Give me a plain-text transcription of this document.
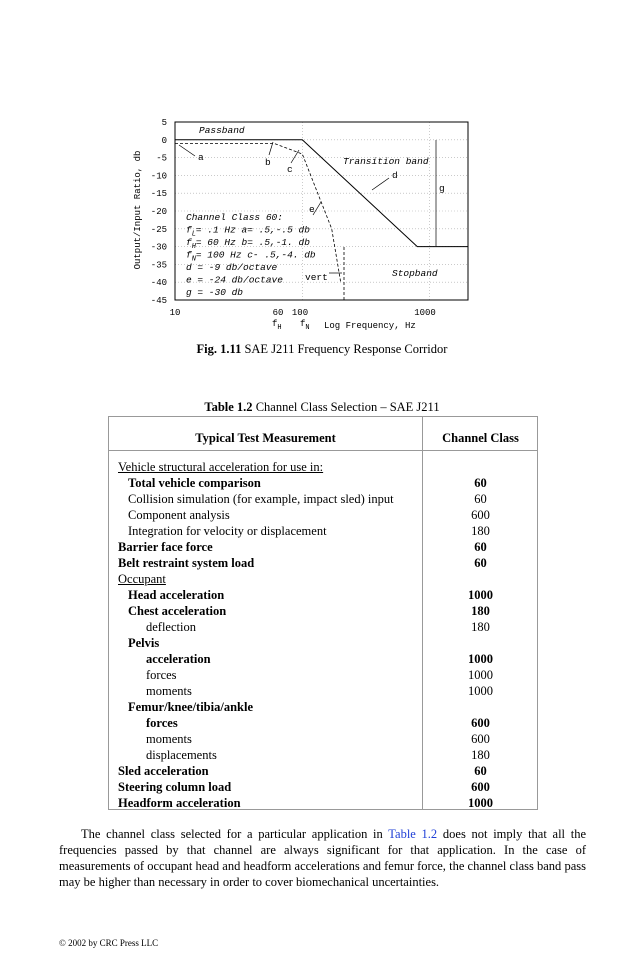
5
0
-5
-10
-15
-20
-25
-30
-35
-40
-45
Output/Input Ratio, db
10	60 100	1000
$f_H$ $f_N$ Log Frequency, Hz
Passband
a	b
c
Transition band
d
g
e
Stopband
vert
Channel Class 60:
$f_L= .1$ Hz a= .5,-.5 db
$f_H= 60$ Hz b= .5,-1. db
$f_N= 100$ Hz c- .5,-4. db
d = -9 db/octave
e = -24 db/octave
g = -30 db
Fig. 1.11 SAE J211 Frequency Response Corridor
Table 1.2 Channel Class Selection – SAE J211
Typical Test Measurement	Channel Class
Vehicle structural acceleration for use in:
Total vehicle comparison	60
Collision simulation (for example, impact sled) input	60
Component analysis	600
Integration for velocity or displacement	180
Barrier face force	60
Belt restraint system load	60
Occupant
Head acceleration	1000
Chest acceleration	180
deflection	180
Pelvis
acceleration	1000
forces	1000
moments	1000
Femur/knee/tibia/ankle
forces	600
moments	600
displacements	180
Sled acceleration	60
Steering column load	600
Headform acceleration	1000

The channel class selected for a particular application in Table 1.2 does not imply that all the frequencies passed by that channel are always significant for that application. In the case of measurements of occupant head and headform accelerations and femur force, the channel class band pass may be higher than necessary in order to cover biomechanical uncertainties.

© 2002 by CRC Press LLC
